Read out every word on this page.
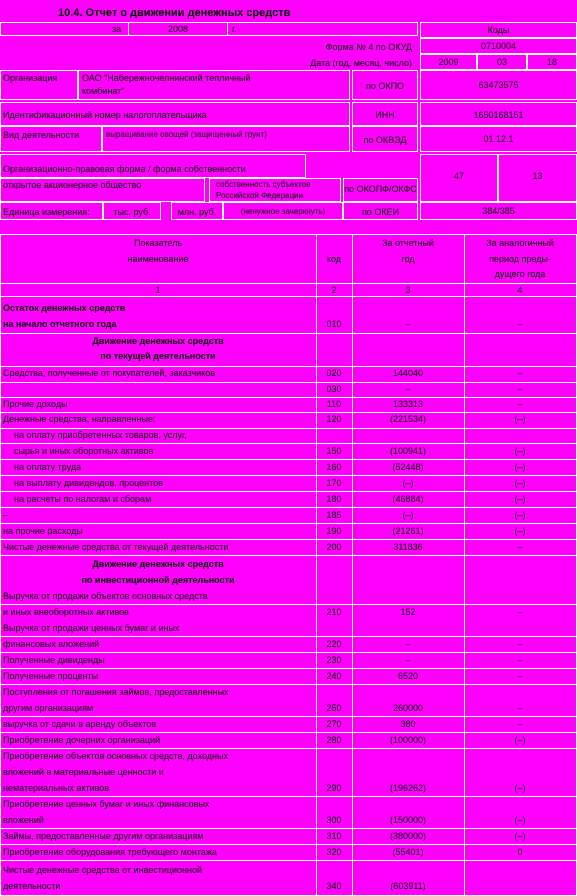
10.4. Отчет о движении денежных средств
за	2008	г.	Коды
Форма № 4 по ОКУД	0710004
Дата (год, месяц, число)	2009	03	18
Организация	ОАО "Набережночелнинский тепличный
комбинат"	по ОКПО	63473575
Идентификационный номер налогоплательщика	ИНН	1650168151
Вид деятельности	выращивание овощей (защищенный грунт)
по ОКВЭД	01.12.1
Организационно-правовая форма / форма собственности
открытое акционерное общество	собственность субъектов
Российской Федерации
по ОКОПФ/ОКФС
47	13
Единица измерения:	тыс. руб.	млн. руб.	(ненужное зачеркнуть)	по ОКЕИ	384/385
Показатель
наименование	код
За отчетный
год
За аналогичный
период преды-
дущего года
1	2	3	4
Остаток денежных средств
на начало отчетного года	010	–	–
Движение денежных средств
по текущей деятельности
Средства, полученные от покупателей, заказчиков	020	144040	–
030	–	–
Прочие доходы	110	133313	–
Денежные средства, направленные:	120	(221534)	(–)
на оплату приобретенных товаров, услуг,
сырья и иных оборотных активов	150	(100941)	(–)
на оплату труда	160	(52448)	(–)
на выплату дивидендов, процентов	170	(–)	(–)
на расчеты по налогам и сборам	180	(46884)	(–)
–	185	(–)	(–)
на прочие расходы	190	(21261)	(–)
Чистые денежные средства от текущей деятельности	200	311836	–
Движение денежных средств
по инвестиционной деятельности
Выручка от продажи объектов основных средств
и иных внеоборотных активов	210	152	–
Выручка от продажи ценных бумаг и иных
финансовых вложений	220	–	–
Полученные дивиденды	230	–	–
Полученные проценты	240	6520	–
Поступления от погашения займов, предоставленных
другим организациям	250	260000	–
выручка от сдачи в аренду объектов	270	380	–
Приобретение дочерних организаций	280	(100000)	(–)
Приобретение объектов основных средств, доходных
вложений в материальные ценности и
нематериальных активов	290	(196262)	(–)
Приобретение ценных бумаг и иных финансовых
вложений	300	(150000)	(–)
Займы, предоставленные другим организациям	310	(380000)	(–)
Приобретение оборудования требующего монтажа	320	(55401)	0
Чистые денежные средства от инвестиционной
деятельности	340	(603911)
